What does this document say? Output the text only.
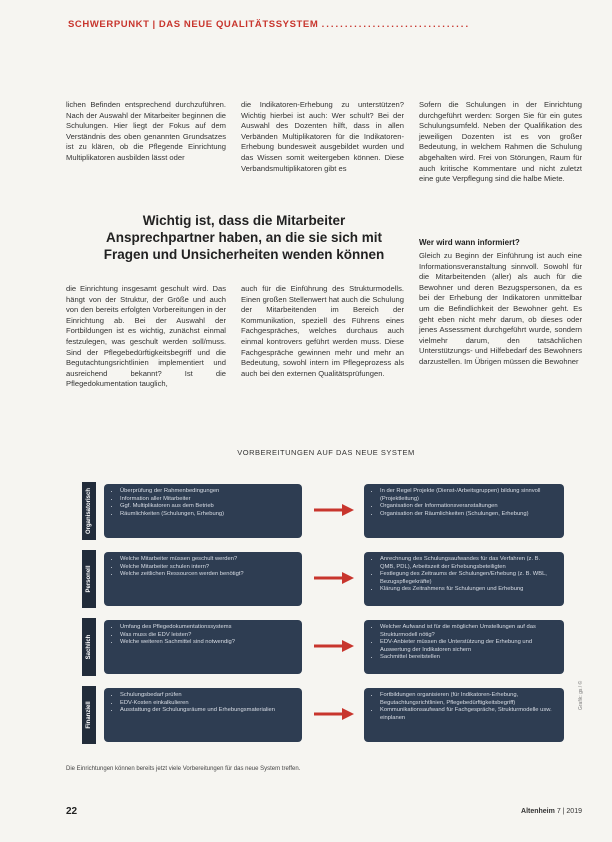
SCHWERPUNKT | DAS NEUE QUALITÄTSSYSTEM ................................

lichen Befinden entsprechend durchzuführen. Nach der Auswahl der Mitarbeiter beginnen die Schulungen. Hier liegt der Fokus auf dem Verständnis des oben genannten Grundsatzes ist zu klären, ob die Pflegende Einrichtung Multiplikatoren ausbilden lässt oder

die Indikatoren-Erhebung zu unterstützen? Wichtig hierbei ist auch: Wer schult? Bei der Auswahl des Dozenten hilft, dass in allen Verbänden Multiplikatoren für die Indikatoren-Erhebung bundesweit ausgebildet wurden und das Wissen somit weitergeben können. Diese Verbandsmultiplikatoren gibt es

Sofern die Schulungen in der Einrichtung durchgeführt werden: Sorgen Sie für ein gutes Schulungsumfeld. Neben der Qualifikation des jeweiligen Dozenten ist es von großer Bedeutung, in welchem Rahmen die Schulung abgehalten wird. Frei von Störungen, Raum für auch kritische Kommentare und nicht zuletzt eine gute Verpflegung sind die halbe Miete.

Wichtig ist, dass die Mitarbeiter Ansprechpartner haben, an die sie sich mit Fragen und Unsicherheiten wenden können

die Einrichtung insgesamt geschult wird. Das hängt von der Struktur, der Größe und auch von den bereits erfolgten Vorbereitungen in der Einrichtung ab. Bei der Auswahl der Fortbildungen ist es wichtig, zunächst einmal festzulegen, was geschult werden soll/muss. Sind der Pflegebedürftigkeitsbegriff und die Begutachtungsrichtlinien implementiert und ausreichend bekannt? Ist die Pflegedokumentation tauglich,

auch für die Einführung des Strukturmodells. Einen großen Stellenwert hat auch die Schulung der Mitarbeitenden im Bereich der Kommunikation, speziell des Führens eines Fachgespräches, welches durchaus auch einmal kontrovers geführt werden muss. Diese Fachgespräche gewinnen mehr und mehr an Bedeutung, sowohl intern im Pflegeprozess als auch bei den externen Qualitätsprüfungen.

Wer wird wann informiert?

Gleich zu Beginn der Einführung ist auch eine Informationsveranstaltung sinnvoll. Sowohl für die Mitarbeitenden (aller) als auch für die Bewohner und deren Bezugspersonen, da es bei der Erhebung der Indikatoren unmittelbar um die Befindlichkeit der Bewohner geht. Es geht eben nicht mehr darum, ob dieses oder jenes Assessment durchgeführt wurde, sondern vielmehr darum, den tatsächlichen Unterstützungs- und Hilfebedarf des Bewohners darzustellen. Im Übrigen müssen die Bewohner

VORBEREITUNGEN AUF DAS NEUE SYSTEM
Organisatorisch
•	Überprüfung der Rahmenbedingungen
• Information aller Mitarbeiter
• Ggf. Multiplikatoren aus dem Betrieb
• Räumlichkeiten (Schulungen, Erhebung)
• In der Regel Projekte (Dienst-/Arbeitsgruppen) bildung sinnvoll (Projektleitung)
• Organisation der Informationsveranstaltungen
• Organisation der Räumlichkeiten (Schulungen, Erhebung)
Personell
• Welche Mitarbeiter müssen geschult werden?
• Welche Mitarbeiter schulen intern?
• Welche zeitlichen Ressourcen werden benötigt?
• Anrechnung des Schulungsaufwandes für das Verfahren (z. B. QMB, PDL), Arbeitszeit der Erhebungsbeteiligten
• Festlegung des Zeitraums der Schulungen/Erhebung (z. B. WBL, Bezugspflegekräfte)
• Klärung des Zeitrahmens für Schulungen und Erhebung
Sachlich
• Umfang des Pflegedokumentationssystems
• Was muss die EDV leisten?
• Welche weiteren Sachmittel sind notwendig?
• Welcher Aufwand ist für die möglichen Umstellungen auf das Strukturmodell nötig?
• EDV-Anbieter müssen die Unterstützung der Erhebung und Auswertung der Indikatoren sichern
• Sachmittel bereitstellen
Finanziell
• Schulungsbedarf prüfen
• EDV-Kosten einkalkulieren
• Ausstattung der Schulungsräume und Erhebungsmaterialien
• Fortbildungen organisieren (für Indikatoren-Erhebung, Begutachtungsrichtlinien, Pflegebedürftigkeitsbegriff)
• Kommunikationsaufwand für Fachgespräche, Strukturmodelle usw. einplanen
Die Einrichtungen können bereits jetzt viele Vorbereitungen für das neue System treffen.
Grafik: gs / ©
22	Altenheim 7 | 2019
